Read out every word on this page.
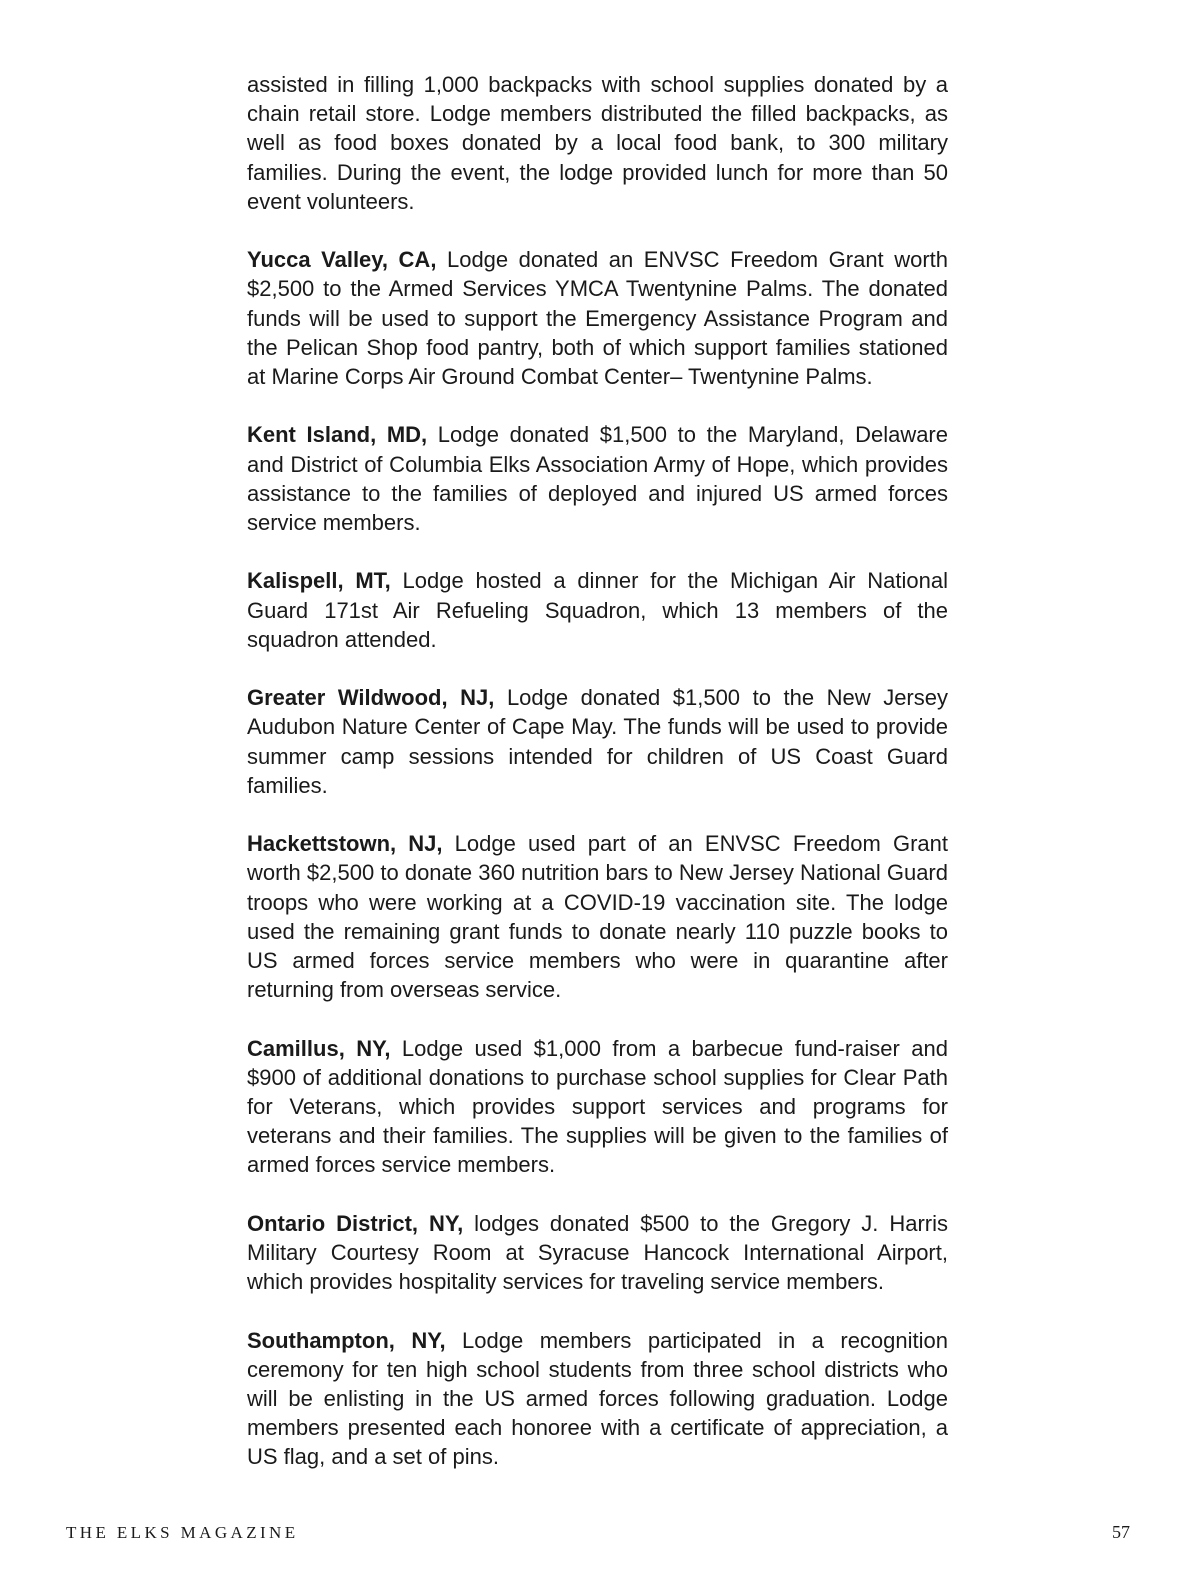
assisted in filling 1,000 backpacks with school supplies donated by a chain retail store. Lodge members distributed the filled backpacks, as well as food boxes donated by a local food bank, to 300 military families. During the event, the lodge provided lunch for more than 50 event volunteers.

Yucca Valley, CA, Lodge donated an ENVSC Freedom Grant worth $2,500 to the Armed Services YMCA Twentynine Palms. The donated funds will be used to support the Emergency Assistance Program and the Pelican Shop food pantry, both of which support families stationed at Marine Corps Air Ground Combat Center– Twentynine Palms.

Kent Island, MD, Lodge donated $1,500 to the Maryland, Delaware and District of Columbia Elks Association Army of Hope, which provides assistance to the families of deployed and injured US armed forces service members.

Kalispell, MT, Lodge hosted a dinner for the Michigan Air National Guard 171st Air Refueling Squadron, which 13 members of the squadron attended.

Greater Wildwood, NJ, Lodge donated $1,500 to the New Jersey Audubon Nature Center of Cape May. The funds will be used to provide summer camp sessions intended for children of US Coast Guard families.

Hackettstown, NJ, Lodge used part of an ENVSC Freedom Grant worth $2,500 to donate 360 nutrition bars to New Jersey National Guard troops who were working at a COVID-19 vaccination site. The lodge used the remaining grant funds to donate nearly 110 puzzle books to US armed forces service members who were in quarantine after returning from overseas service.

Camillus, NY, Lodge used $1,000 from a barbecue fund-raiser and $900 of additional donations to purchase school supplies for Clear Path for Veterans, which provides support services and programs for veterans and their families. The supplies will be given to the families of armed forces service members.

Ontario District, NY, lodges donated $500 to the Gregory J. Harris Military Courtesy Room at Syracuse Hancock International Airport, which provides hospitality services for traveling service members.

Southampton, NY, Lodge members participated in a recognition ceremony for ten high school students from three school districts who will be enlisting in the US armed forces following graduation. Lodge members presented each honoree with a certificate of appreciation, a US flag, and a set of pins.

THE ELKS MAGAZINE	57
